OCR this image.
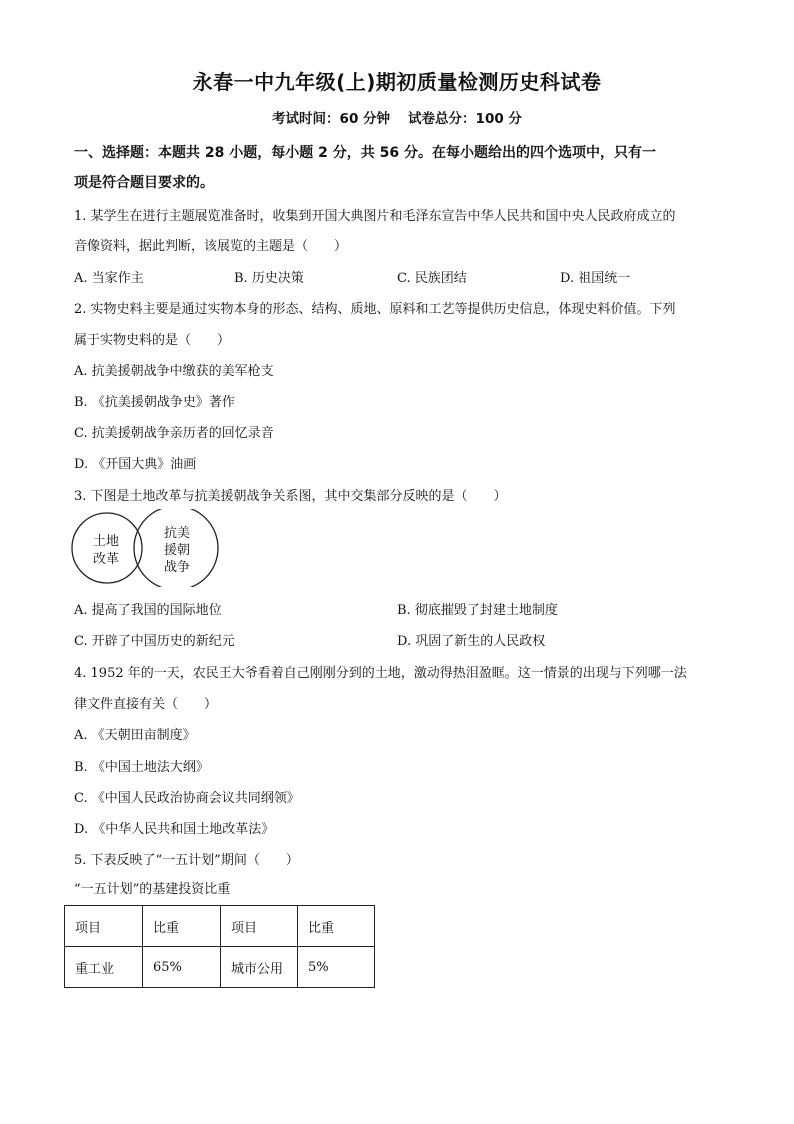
永春一中九年级(上)期初质量检测历史科试卷
考试时间：60 分钟 试卷总分：100 分
一、选择题：本题共 28 小题，每小题 2 分，共 56 分。在每小题给出的四个选项中，只有一
项是符合题目要求的。
1. 某学生在进行主题展览准备时，收集到开国大典图片和毛泽东宣告中华人民共和国中央人民政府成立的
音像资料，据此判断，该展览的主题是（　　）
A. 当家作主	B. 历史决策	C. 民族团结	D. 祖国统一
2. 实物史料主要是通过实物本身的形态、结构、质地、原料和工艺等提供历史信息，体现史料价值。下列
属于实物史料的是（　　）
A. 抗美援朝战争中缴获的美军枪支
B. 《抗美援朝战争史》著作
C. 抗美援朝战争亲历者的回忆录音
D. 《开国大典》油画
3. 下图是土地改革与抗美援朝战争关系图，其中交集部分反映的是（　　）
土地
改革
抗美
援朝
战争
A. 提高了我国的国际地位	B. 彻底摧毁了封建土地制度
C. 开辟了中国历史的新纪元	D. 巩固了新生的人民政权
4. 1952 年的一天，农民王大爷看着自己刚刚分到的土地，激动得热泪盈眶。这一情景的出现与下列哪一法
律文件直接有关（　　）
A. 《天朝田亩制度》
B. 《中国土地法大纲》
C. 《中国人民政治协商会议共同纲领》
D. 《中华人民共和国土地改革法》
5. 下表反映了“一五计划”期间（　　）
“一五计划”的基建投资比重
项目	比重	项目	比重
重工业	65%	城市公用	5%
